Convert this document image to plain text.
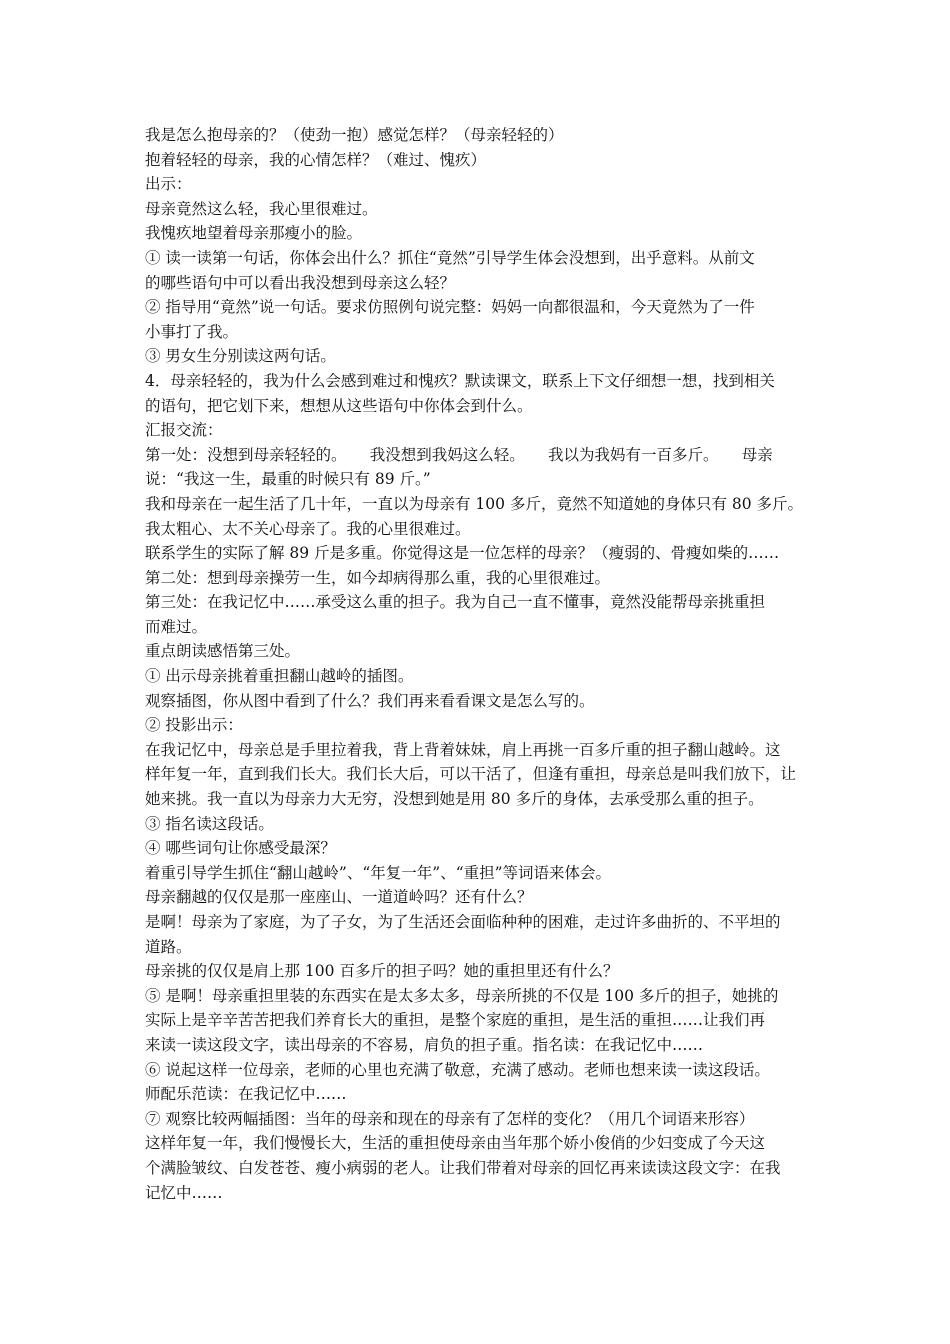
我是怎么抱母亲的？（使劲一抱）感觉怎样？（母亲轻轻的）
抱着轻轻的母亲，我的心情怎样？（难过、愧疚）
出示：
母亲竟然这么轻，我心里很难过。
我愧疚地望着母亲那瘦小的脸。
① 读一读第一句话，你体会出什么？抓住“竟然”引导学生体会没想到，出乎意料。从前文
的哪些语句中可以看出我没想到母亲这么轻？
② 指导用“竟然”说一句话。要求仿照例句说完整：妈妈一向都很温和，今天竟然为了一件
小事打了我。
③ 男女生分别读这两句话。
4．母亲轻轻的，我为什么会感到难过和愧疚？默读课文，联系上下文仔细想一想，找到相关
的语句，把它划下来，想想从这些语句中你体会到什么。
汇报交流：
第一处：没想到母亲轻轻的。　　我没想到我妈这么轻。　　我以为我妈有一百多斤。　　母亲
说：“我这一生，最重的时候只有 89 斤。”
我和母亲在一起生活了几十年，一直以为母亲有 100 多斤，竟然不知道她的身体只有 80 多斤。
我太粗心、太不关心母亲了。我的心里很难过。
联系学生的实际了解 89 斤是多重。你觉得这是一位怎样的母亲？（瘦弱的、骨瘦如柴的……
第二处：想到母亲操劳一生，如今却病得那么重，我的心里很难过。
第三处：在我记忆中……承受这么重的担子。我为自己一直不懂事，竟然没能帮母亲挑重担
而难过。
重点朗读感悟第三处。
① 出示母亲挑着重担翻山越岭的插图。
观察插图，你从图中看到了什么？我们再来看看课文是怎么写的。
② 投影出示：
在我记忆中，母亲总是手里拉着我，背上背着妹妹，肩上再挑一百多斤重的担子翻山越岭。这
样年复一年，直到我们长大。我们长大后，可以干活了，但逢有重担，母亲总是叫我们放下，让
她来挑。我一直以为母亲力大无穷，没想到她是用 80 多斤的身体，去承受那么重的担子。
③ 指名读这段话。
④ 哪些词句让你感受最深？
着重引导学生抓住“翻山越岭”、“年复一年”、“重担”等词语来体会。
母亲翻越的仅仅是那一座座山、一道道岭吗？还有什么？
是啊！母亲为了家庭，为了子女，为了生活还会面临种种的困难，走过许多曲折的、不平坦的
道路。
母亲挑的仅仅是肩上那 100 百多斤的担子吗？她的重担里还有什么？
⑤ 是啊！母亲重担里装的东西实在是太多太多，母亲所挑的不仅是 100 多斤的担子，她挑的
实际上是辛辛苦苦把我们养育长大的重担，是整个家庭的重担，是生活的重担……让我们再
来读一读这段文字，读出母亲的不容易，肩负的担子重。指名读：在我记忆中……
⑥ 说起这样一位母亲，老师的心里也充满了敬意，充满了感动。老师也想来读一读这段话。
师配乐范读：在我记忆中……
⑦ 观察比较两幅插图：当年的母亲和现在的母亲有了怎样的变化？（用几个词语来形容）
这样年复一年，我们慢慢长大，生活的重担使母亲由当年那个娇小俊俏的少妇变成了今天这
个满脸皱纹、白发苍苍、瘦小病弱的老人。让我们带着对母亲的回忆再来读读这段文字：在我
记忆中……
